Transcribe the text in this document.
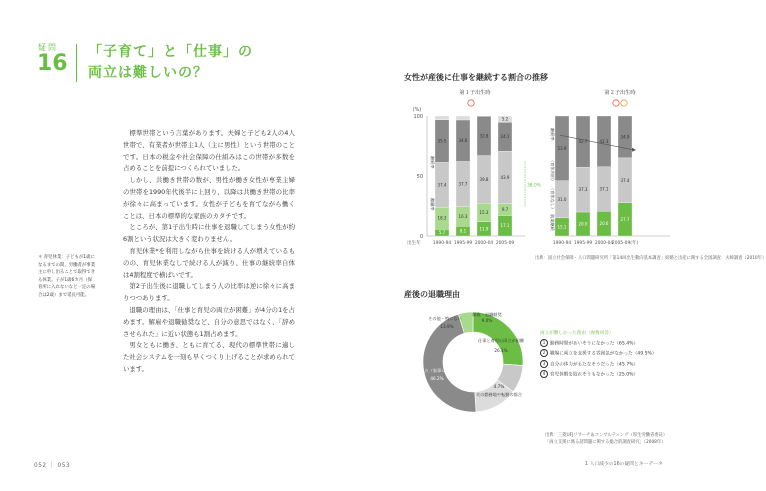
疑問
16 「子育て」と「仕事」の
両立は難しいの？

標準世帯という言葉があります。夫婦と子ども2人の4人世帯で、有業者が世帯主1人（主に男性）という世帯のことです。日本の税金や社会保障の仕組みはこの世帯が多数を占めることを前提につくられていました。

しかし、共働き世帯の数が、男性が働き女性が専業主婦の世帯を1990年代後半に上回り、以降は共働き世帯の比率が徐々に高まっています。女性が子どもを育てながら働くことは、日本の標準的な家族のカタチです。

ところが、第1子出生時に仕事を退職してしまう女性が約6割という状況は大きく変わりません。

育児休業*を利用しながら仕事を続ける人が増えているものの、育児休業なしで続ける人が減り、仕事の継続率自体は4割程度で横ばいです。

第2子出生後に退職してしまう人の比率は逆に徐々に高まりつつあります。

退職の理由は、「仕事と育児の両立が困難」が4分の1を占めます。解雇や退職勧奨など、自分の意思ではなく、「辞めさせられた」に近い状態も1割占めます。

男女ともに働き、ともに育てる、現代の標準世帯に適した社会システムを一刻も早くつくり上げることが求められています。

＊ 育児休業：子どもが1歳になるまでの間、労働者が事業主に申し出ることで取得できる休業。子が1歳6カ月（保育所に入れないなど一定の場合は2歳）まで延長可能。
052 ｜ 053	1 人口減少の16の疑問とキーデータ
女性が産後に仕事を継続する割合の推移
(%)
100
50
0
出生年
第１子出生時
5.7
18.3
37.4
35.5
1990-94
8.1
16.3
37.7
34.6
1995-99
11.9
15.3
39.8
32.8
2000-04
17.1
9.7
43.9
24.1
5.2
2005-09
第２子出生時
15.1
31.0
53.9
1990-94
20.0
37.3
42.7
1995-99
20.6
37.1
42.3
2000-04
27.7
37.4
34.9
2005-09(年)
継続率
離職率
継続率
（育休利用）
（育休なし）
就業継続
38.0%
出典：国立社会保障・人口問題研究所「第14回出生動向基本調査」結婚と出産に関する全国調査：夫婦調査（2010年）
産後の退職理由
仕事と育児の両立が困難
26.1%
解雇・退職勧奨
9.0%
その他・特にない
13.9%
自発的にやめた（家事に専念するため）
46.2%
夫の勤務地や転勤の都合
4.7%
両立が難しかった理由（複数回答）
1 勤務時間があいそうになかった（65.4%）
2 職場に両立を支援する雰囲気がなかった（49.5%）
3 自分の体力がもたなそうだった（45.7%）
4 育児休暇を取れそうもなかった（25.0%）
出典：三菱UFJリサーチ＆コンサルティング（厚生労働省委託）
「両立支援に係る諸問題に関する総合的調査研究」（2008年）
